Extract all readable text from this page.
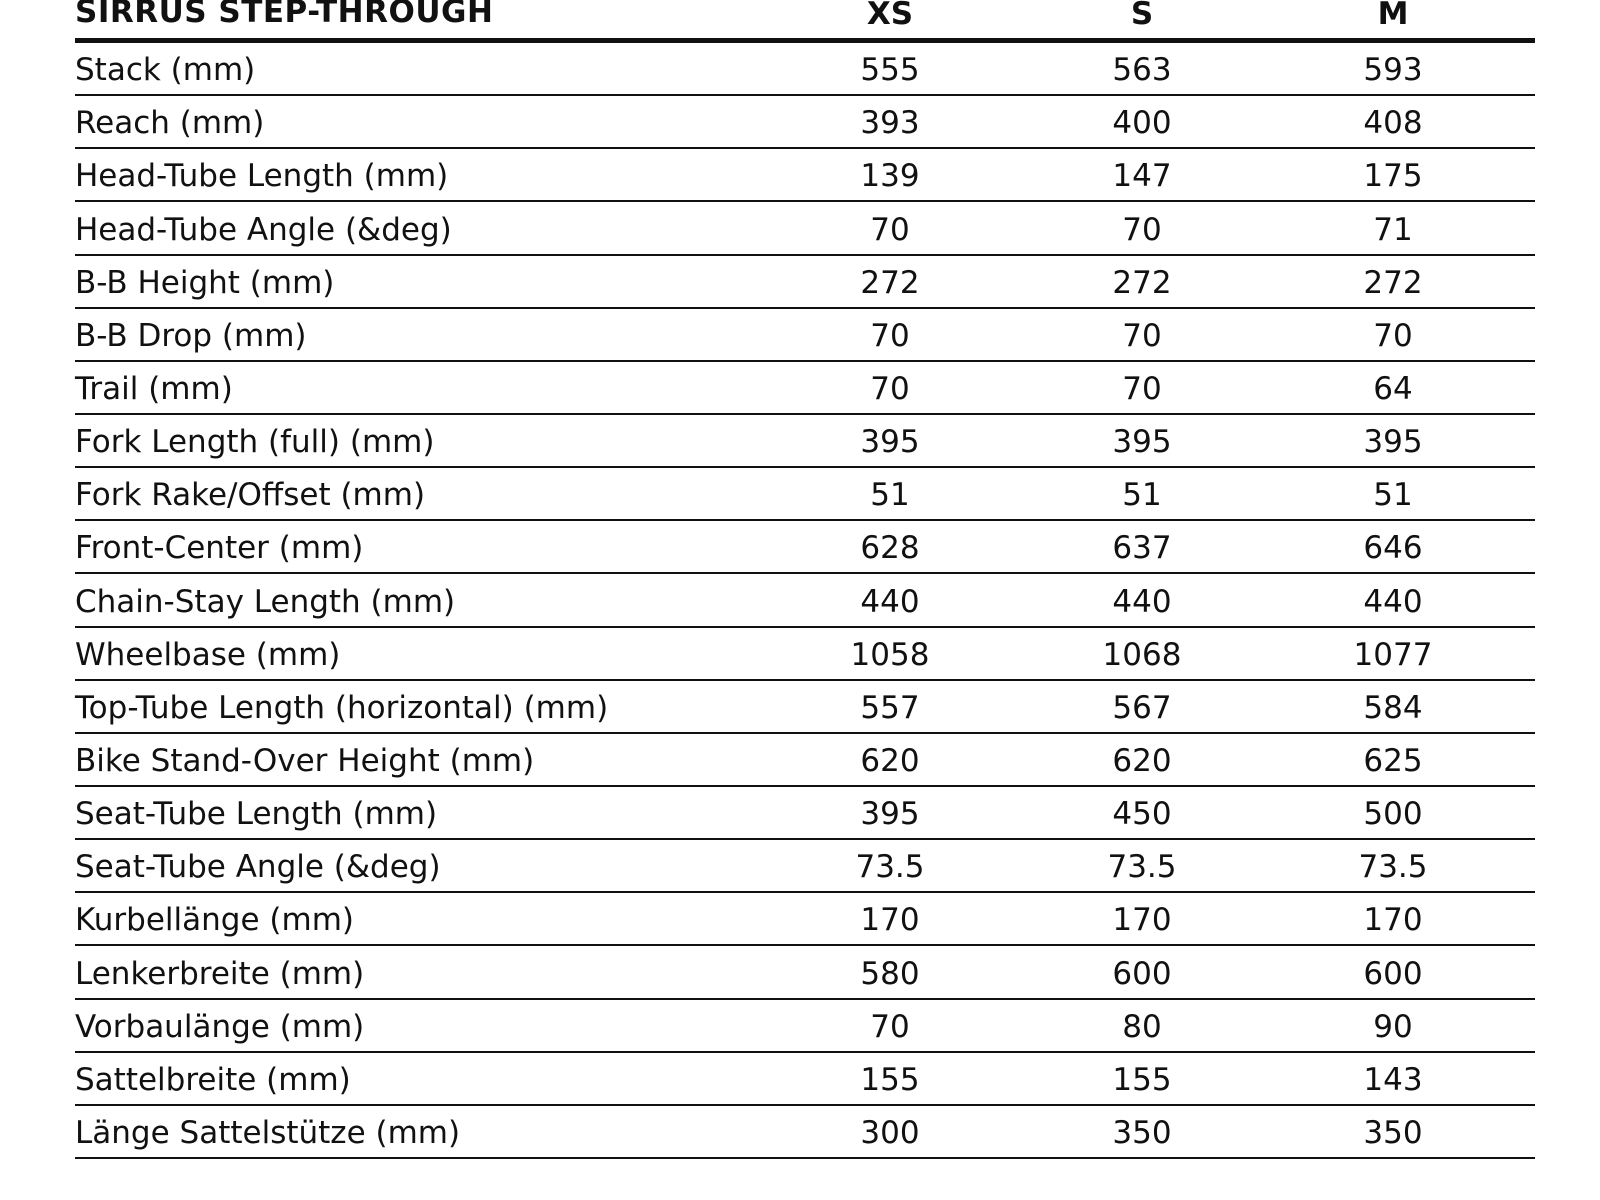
SIRRUS STEP-THROUGH	XS	S	M
Stack (mm)	555	563	593
Reach (mm)	393	400	408
Head-Tube Length (mm)	139	147	175
Head-Tube Angle (&deg)	70	70	71
B-B Height (mm)	272	272	272
B-B Drop (mm)	70	70	70
Trail (mm)	70	70	64
Fork Length (full) (mm)	395	395	395
Fork Rake/Offset (mm)	51	51	51
Front-Center (mm)	628	637	646
Chain-Stay Length (mm)	440	440	440
Wheelbase (mm)	1058	1068	1077
Top-Tube Length (horizontal) (mm)	557	567	584
Bike Stand-Over Height (mm)	620	620	625
Seat-Tube Length (mm)	395	450	500
Seat-Tube Angle (&deg)	73.5	73.5	73.5
Kurbellänge (mm)	170	170	170
Lenkerbreite (mm)	580	600	600
Vorbaulänge (mm)	70	80	90
Sattelbreite (mm)	155	155	143
Länge Sattelstütze (mm)	300	350	350
